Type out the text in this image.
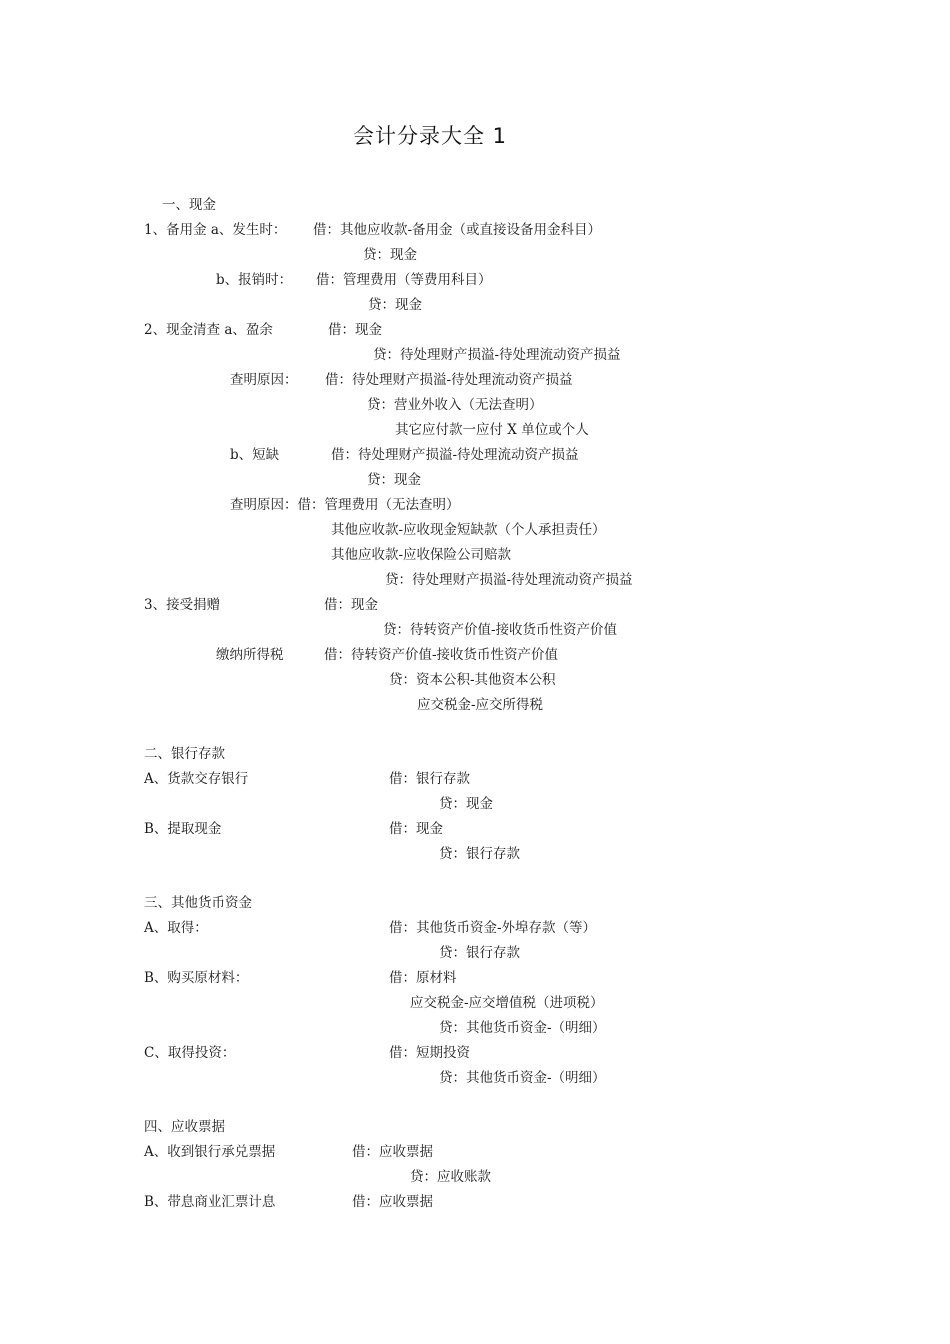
会计分录大全 1
一、现金
1、备用金 a、发生时： 借：其他应收款-备用金（或直接设备用金科目）
贷：现金
b、报销时： 借：管理费用（等费用科目）
贷：现金
2、现金清查 a、盈余	借：现金
贷：待处理财产损溢-待处理流动资产损益
查明原因： 借：待处理财产损溢-待处理流动资产损益
贷：营业外收入（无法查明）
其它应付款一应付 X 单位或个人
b、短缺	借：待处理财产损溢-待处理流动资产损益
贷：现金
查明原因：借：管理费用（无法查明）
其他应收款-应收现金短缺款（个人承担责任）
其他应收款-应收保险公司赔款
贷：待处理财产损溢-待处理流动资产损益
3、接受捐赠	借：现金
贷：待转资产价值-接收货币性资产价值
缴纳所得税	借：待转资产价值-接收货币性资产价值
贷：资本公积-其他资本公积
应交税金-应交所得税
二、银行存款
A、货款交存银行	借：银行存款
贷：现金
B、提取现金	借：现金
贷：银行存款
三、其他货币资金
A、取得：	借：其他货币资金-外埠存款（等）
贷：银行存款
B、购买原材料：	借：原材料
应交税金-应交增值税（进项税）
贷：其他货币资金-（明细）
C、取得投资：	借：短期投资
贷：其他货币资金-（明细）
四、应收票据
A、收到银行承兑票据	借：应收票据
贷：应收账款
B、带息商业汇票计息	借：应收票据
